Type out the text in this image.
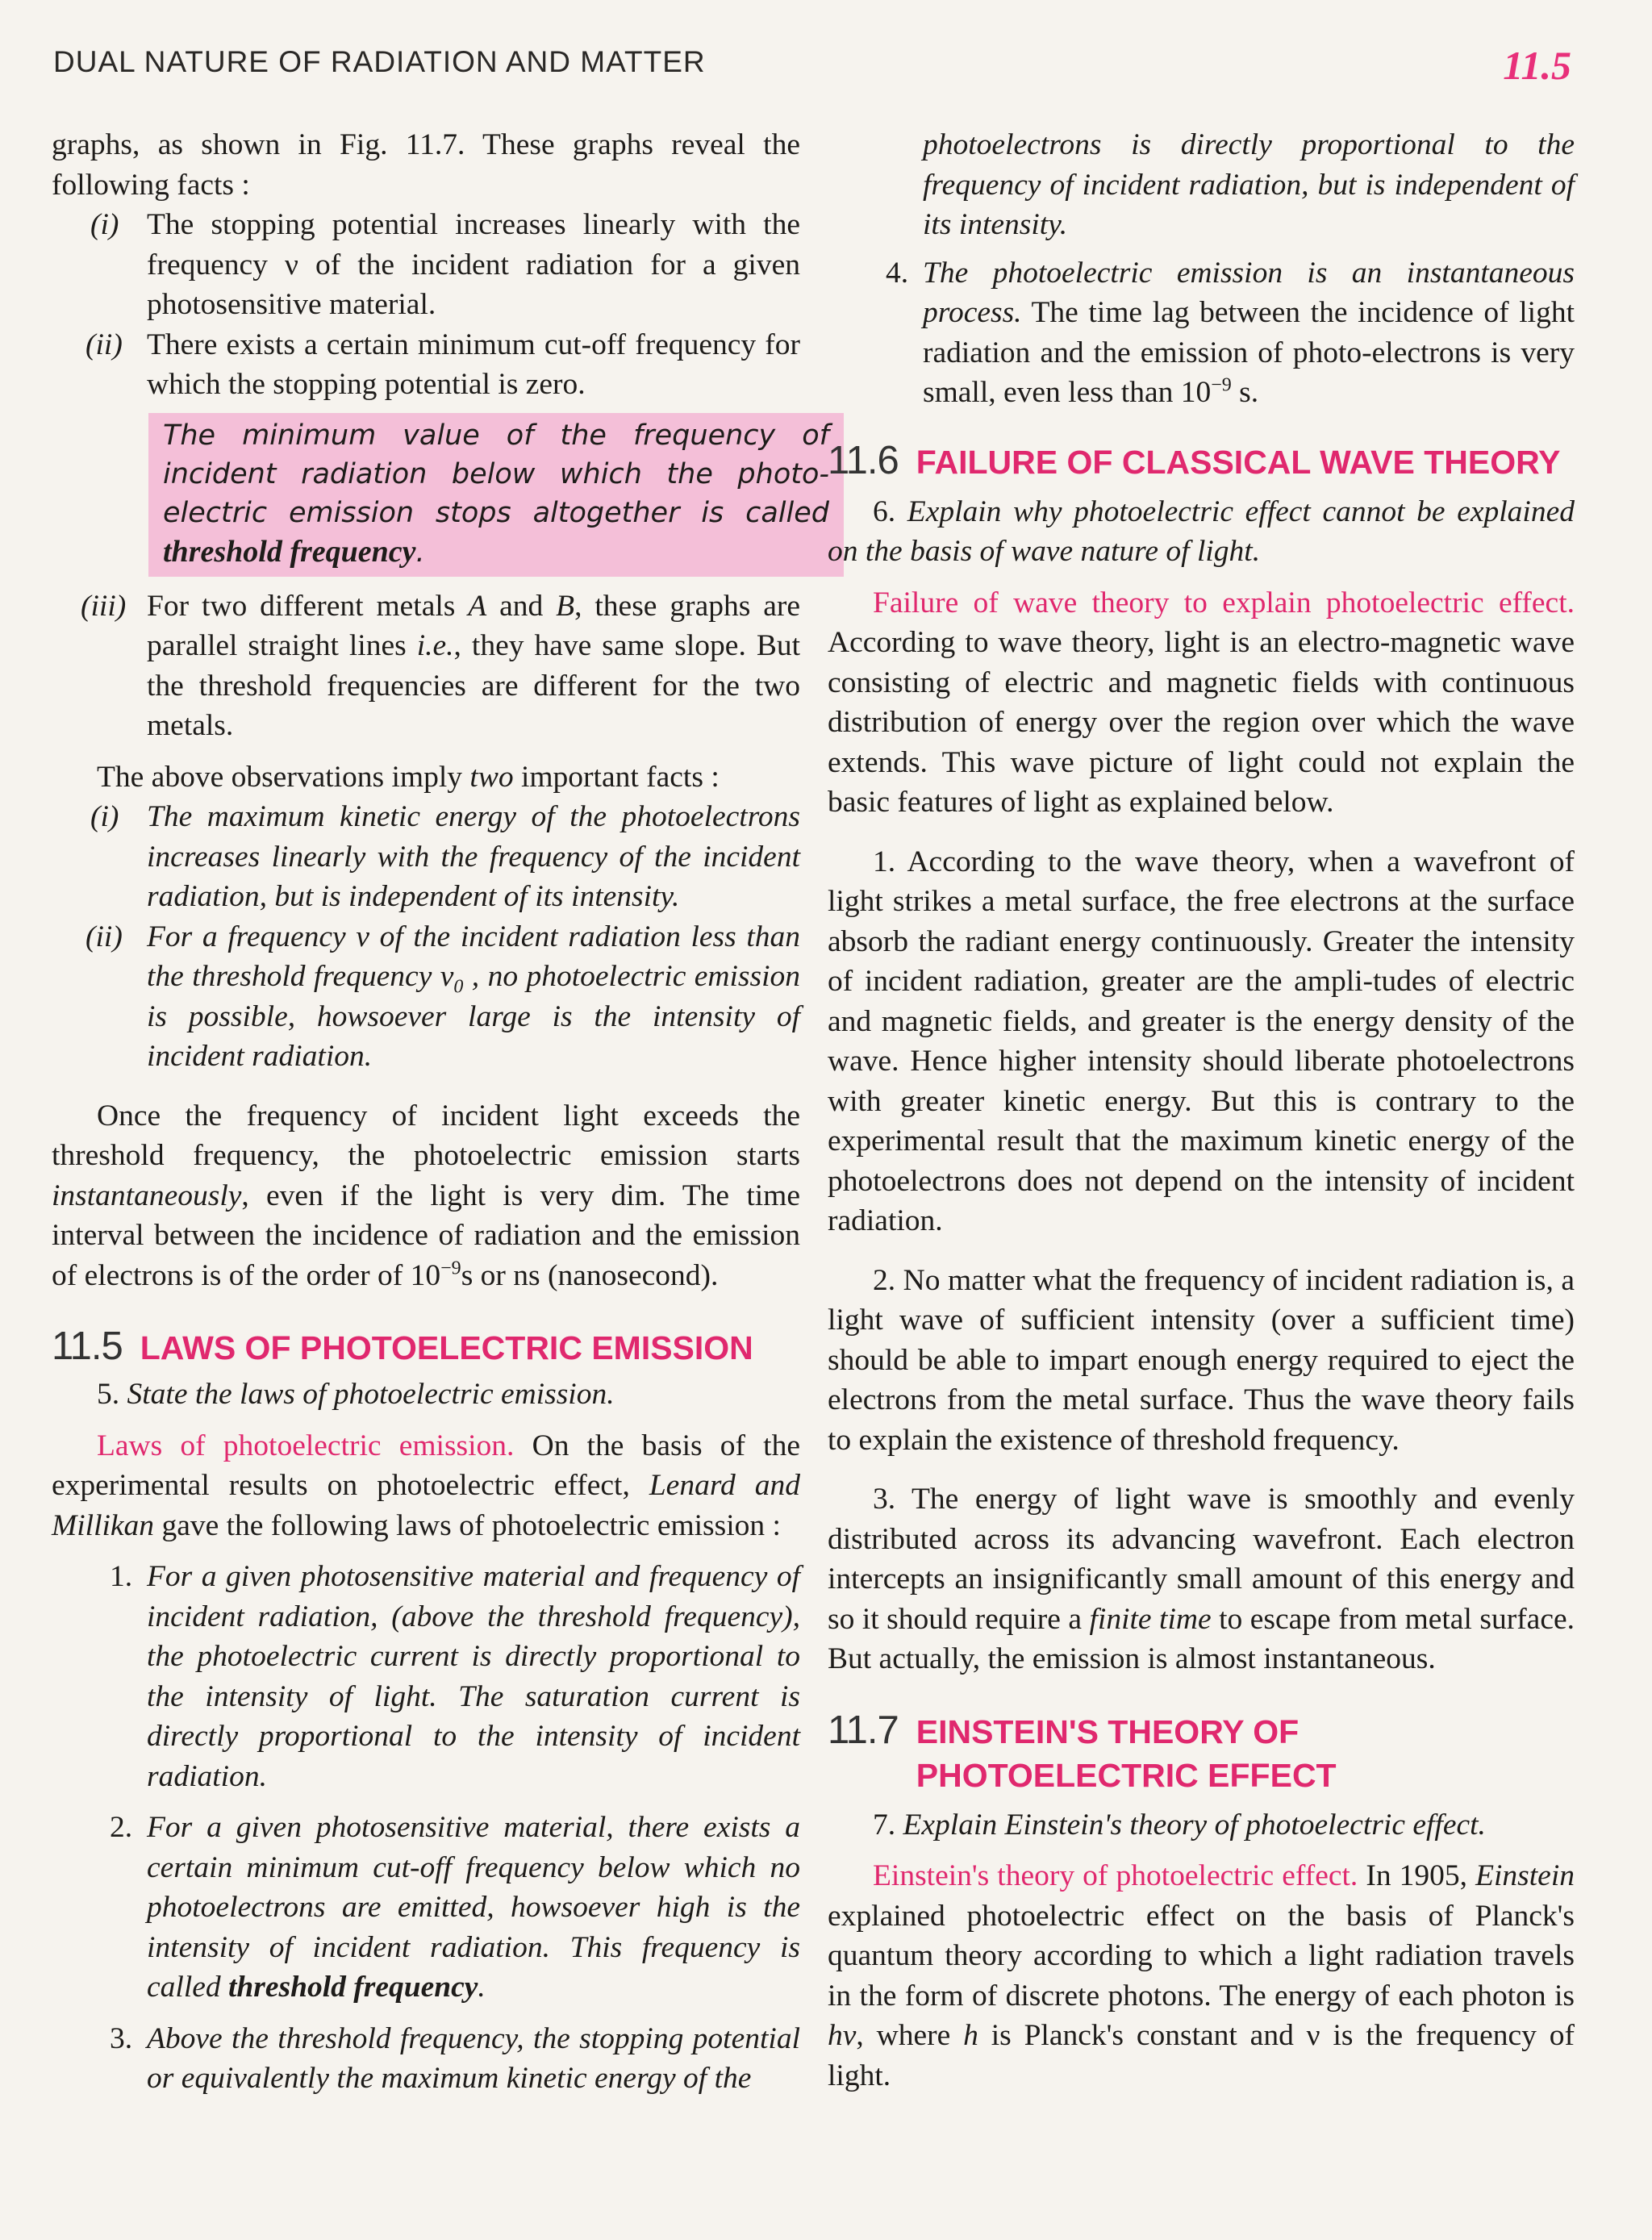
DUAL NATURE OF RADIATION AND MATTER	11.5

graphs, as shown in Fig. 11.7. These graphs reveal the following facts :

(i) The stopping potential increases linearly with the frequency ν of the incident radiation for a given photosensitive material.
(ii) There exists a certain minimum cut-off frequency for which the stopping potential is zero.
The minimum value of the frequency of incident radiation below which the photo-electric emission stops altogether is called threshold frequency.
(iii) For two different metals A and B, these graphs are parallel straight lines i.e., they have same slope. But the threshold frequencies are different for the two metals.

The above observations imply two important facts :

(i) The maximum kinetic energy of the photoelectrons increases linearly with the frequency of the incident radiation, but is independent of its intensity.
(ii) For a frequency ν of the incident radiation less than the threshold frequency $\nu_0$ , no photoelectric emission is possible, howsoever large is the intensity of incident radiation.

Once the frequency of incident light exceeds the threshold frequency, the photoelectric emission starts instantaneously, even if the light is very dim. The time interval between the incidence of radiation and the emission of electrons is of the order of $10^{-9}s$ or ns (nanosecond).

11.5 LAWS OF PHOTOELECTRIC EMISSION

5. State the laws of photoelectric emission.

Laws of photoelectric emission. On the basis of the experimental results on photoelectric effect, Lenard and Millikan gave the following laws of photoelectric emission :

1. For a given photosensitive material and frequency of incident radiation, (above the threshold frequency), the photoelectric current is directly proportional to the intensity of light. The saturation current is directly proportional to the intensity of incident radiation.
2. For a given photosensitive material, there exists a certain minimum cut-off frequency below which no photoelectrons are emitted, howsoever high is the intensity of incident radiation. This frequency is called threshold frequency.
3. Above the threshold frequency, the stopping potential or equivalently the maximum kinetic energy of the

photoelectrons is directly proportional to the frequency of incident radiation, but is independent of its intensity.

4. The photoelectric emission is an instantaneous process. The time lag between the incidence of light radiation and the emission of photo-electrons is very small, even less than $10^{-9}$ s.
11.6 FAILURE OF CLASSICAL WAVE THEORY

6. Explain why photoelectric effect cannot be explained on the basis of wave nature of light.

Failure of wave theory to explain photoelectric effect. According to wave theory, light is an electro-magnetic wave consisting of electric and magnetic fields with continuous distribution of energy over the region over which the wave extends. This wave picture of light could not explain the basic features of light as explained below.

1. According to the wave theory, when a wavefront of light strikes a metal surface, the free electrons at the surface absorb the radiant energy continuously. Greater the intensity of incident radiation, greater are the ampli-tudes of electric and magnetic fields, and greater is the energy density of the wave. Hence higher intensity should liberate photoelectrons with greater kinetic energy. But this is contrary to the experimental result that the maximum kinetic energy of the photoelectrons does not depend on the intensity of incident radiation.

2. No matter what the frequency of incident radiation is, a light wave of sufficient intensity (over a sufficient time) should be able to impart enough energy required to eject the electrons from the metal surface. Thus the wave theory fails to explain the existence of threshold frequency.

3. The energy of light wave is smoothly and evenly distributed across its advancing wavefront. Each electron intercepts an insignificantly small amount of this energy and so it should require a finite time to escape from metal surface. But actually, the emission is almost instantaneous.

11.7 EINSTEIN'S THEORY OF
PHOTOELECTRIC EFFECT

7. Explain Einstein's theory of photoelectric effect.

Einstein's theory of photoelectric effect. In 1905, Einstein explained photoelectric effect on the basis of Planck's quantum theory according to which a light radiation travels in the form of discrete photons. The energy of each photon is hν, where h is Planck's constant and ν is the frequency of light.
